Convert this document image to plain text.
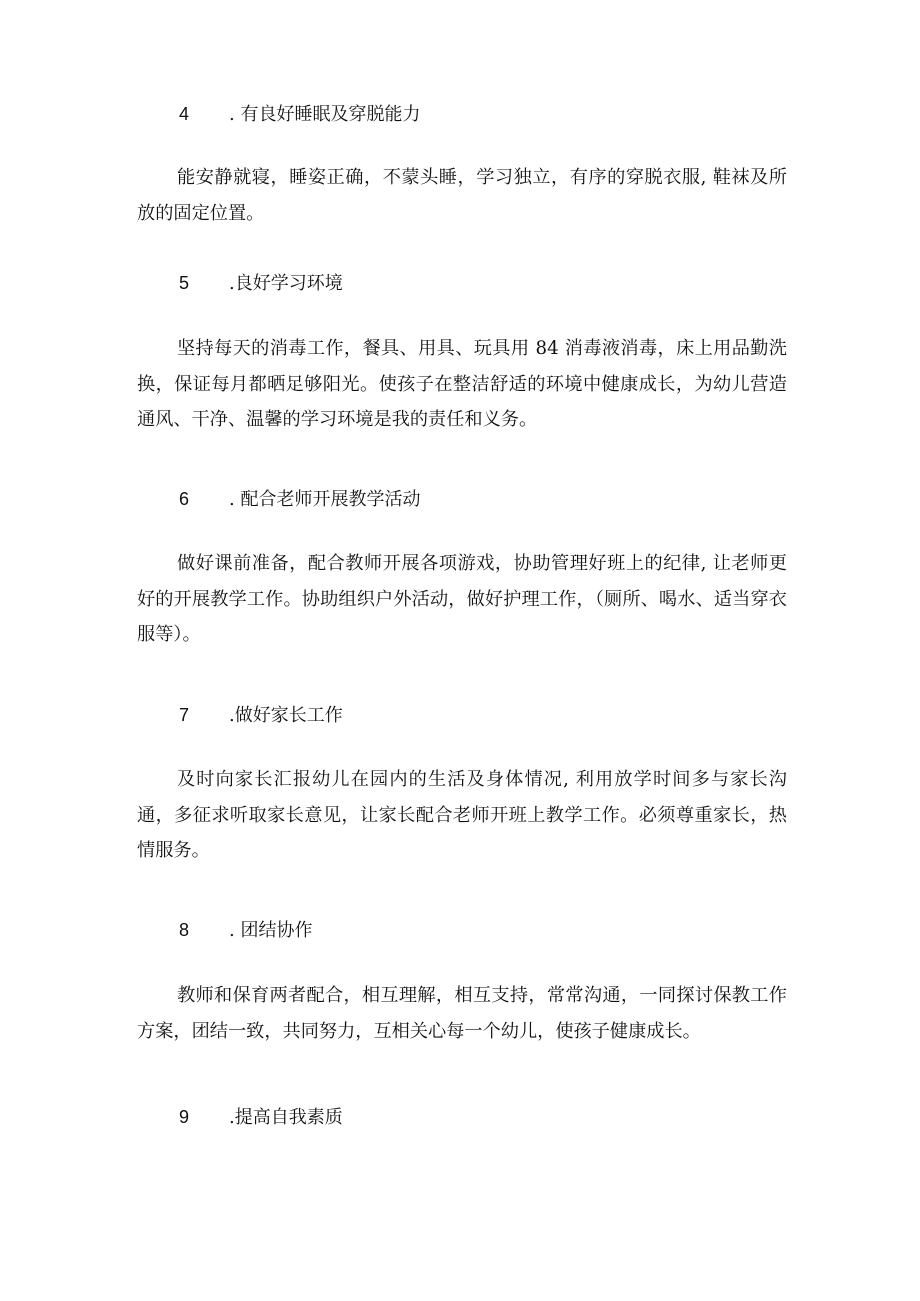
4 . 有良好睡眠及穿脱能力

能安静就寝，睡姿正确，不蒙头睡，学习独立，有序的穿脱衣服, 鞋袜及所放的固定位置。

5 .良好学习环境

坚持每天的消毒工作，餐具、用具、玩具用 84 消毒液消毒，床上用品勤洗换，保证每月都晒足够阳光。使孩子在整洁舒适的环境中健康成长，为幼儿营造通风、干净、温馨的学习环境是我的责任和义务。

6 . 配合老师开展教学活动

做好课前准备，配合教师开展各项游戏，协助管理好班上的纪律, 让老师更好的开展教学工作。协助组织户外活动，做好护理工作，（厕所、喝水、适当穿衣服等）。

7 .做好家长工作

及时向家长汇报幼儿在园内的生活及身体情况, 利用放学时间多与家长沟通，多征求听取家长意见，让家长配合老师开班上教学工作。必须尊重家长，热情服务。

8 . 团结协作

教师和保育两者配合，相互理解，相互支持，常常沟通，一同探讨保教工作方案，团结一致，共同努力，互相关心每一个幼儿，使孩子健康成长。

9 .提高自我素质
